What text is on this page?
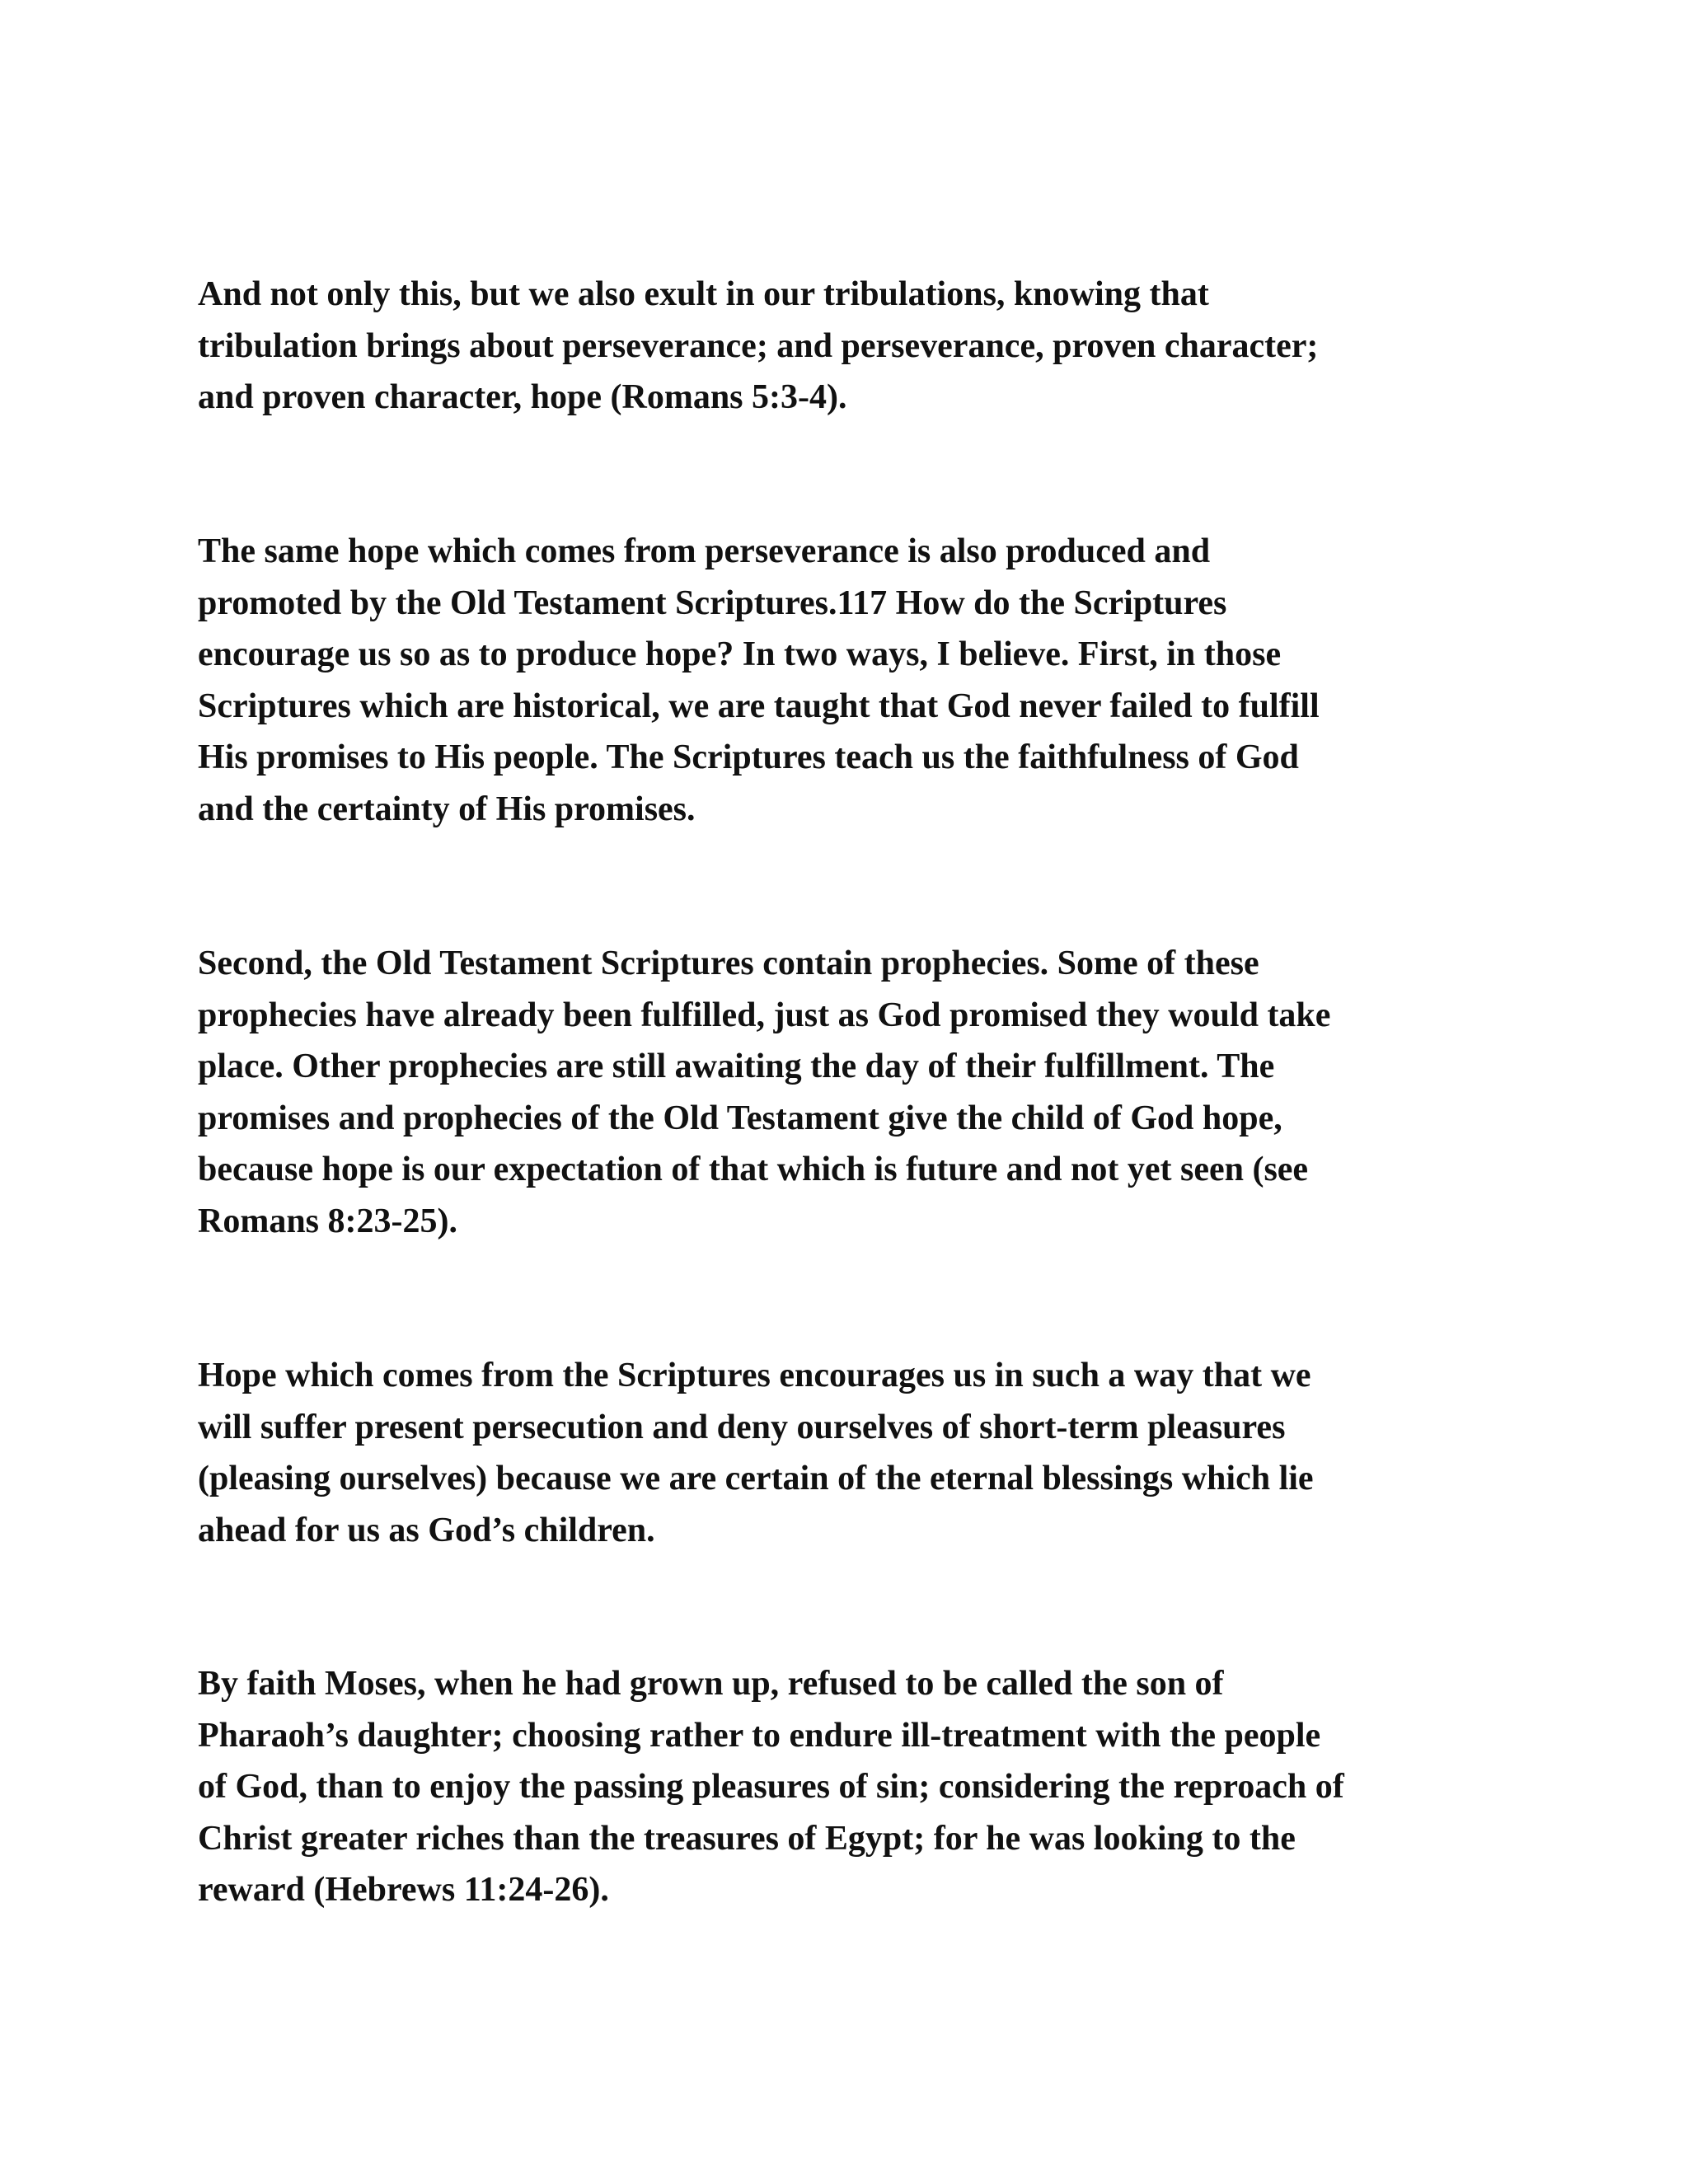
And not only this, but we also exult in our tribulations, knowing that
tribulation brings about perseverance; and perseverance, proven character;
and proven character, hope (Romans 5:3-4).

The same hope which comes from perseverance is also produced and
promoted by the Old Testament Scriptures.117 How do the Scriptures
encourage us so as to produce hope? In two ways, I believe. First, in those
Scriptures which are historical, we are taught that God never failed to fulfill
His promises to His people. The Scriptures teach us the faithfulness of God
and the certainty of His promises.

Second, the Old Testament Scriptures contain prophecies. Some of these
prophecies have already been fulfilled, just as God promised they would take
place. Other prophecies are still awaiting the day of their fulfillment. The
promises and prophecies of the Old Testament give the child of God hope,
because hope is our expectation of that which is future and not yet seen (see
Romans 8:23-25).

Hope which comes from the Scriptures encourages us in such a way that we
will suffer present persecution and deny ourselves of short-term pleasures
(pleasing ourselves) because we are certain of the eternal blessings which lie
ahead for us as God’s children.

By faith Moses, when he had grown up, refused to be called the son of
Pharaoh’s daughter; choosing rather to endure ill-treatment with the people
of God, than to enjoy the passing pleasures of sin; considering the reproach of
Christ greater riches than the treasures of Egypt; for he was looking to the
reward (Hebrews 11:24-26).
